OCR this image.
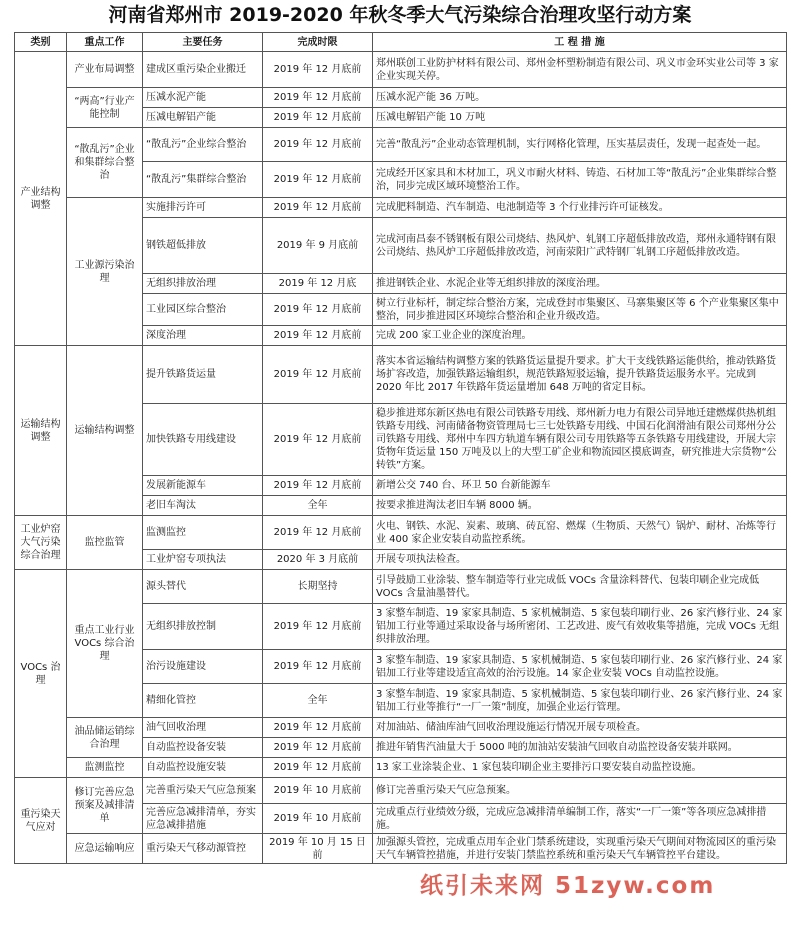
河南省郑州市 2019-2020 年秋冬季大气污染综合治理攻坚行动方案
类别	重点工作	主要任务	完成时限	工 程 措 施
产业结构调整	产业布局调整	建成区重污染企业搬迁	2019 年 12 月底前	郑州联创工业防护材料有限公司、郑州金杯塑粉制造有限公司、巩义市金环实业公司等 3 家企业实现关停。
	“两高”行业产能控制	压减水泥产能	2019 年 12 月底前	压减水泥产能 36 万吨。
		压减电解铝产能	2019 年 12 月底前	压减电解铝产能 10 万吨
	“散乱污”企业和集群综合整治	“散乱污”企业综合整治	2019 年 12 月底前	完善“散乱污”企业动态管理机制，实行网格化管理，压实基层责任，发现一起查处一起。
		“散乱污”集群综合整治	2019 年 12 月底前	完成经开区家具和木材加工，巩义市耐火材料、铸造、石材加工等“散乱污”企业集群综合整治，同步完成区域环境整治工作。
	工业源污染治理	实施排污许可	2019 年 12 月底前	完成肥料制造、汽车制造、电池制造等 3 个行业排污许可证核发。
		钢铁超低排放	2019 年 9 月底前	完成河南昌泰不锈钢板有限公司烧结、热风炉、轧钢工序超低排放改造，郑州永通特钢有限公司烧结、热风炉工序超低排放改造，河南荥阳广武特钢厂轧钢工序超低排放改造。
		无组织排放治理	2019 年 12 月底	推进钢铁企业、水泥企业等无组织排放的深度治理。
		工业园区综合整治	2019 年 12 月底前	树立行业标杆，制定综合整治方案，完成登封市集聚区、马寨集聚区等 6 个产业集聚区集中整治，同步推进园区环境综合整治和企业升级改造。
		深度治理	2019 年 12 月底前	完成 200 家工业企业的深度治理。
运输结构调整	运输结构调整	提升铁路货运量	2019 年 12 月底前	落实本省运输结构调整方案的铁路货运量提升要求。扩大干支线铁路运能供给，推动铁路货场扩容改造，加强铁路运输组织，规范铁路短驳运输，提升铁路货运服务水平。完成到 2020 年比 2017 年铁路年货运量增加 648 万吨的省定目标。
		加快铁路专用线建设	2019 年 12 月底前	稳步推进郑东新区热电有限公司铁路专用线、郑州新力电力有限公司异地迁建燃煤供热机组铁路专用线、河南储备物资管理局七三七处铁路专用线、中国石化润滑油有限公司郑州分公司铁路专用线、郑州中车四方轨道车辆有限公司专用铁路等五条铁路专用线建设，开展大宗货物年货运量 150 万吨及以上的大型工矿企业和物流园区摸底调查，研究推进大宗货物“公转铁”方案。
		发展新能源车	2019 年 12 月底前	新增公交 740 台、环卫 50 台新能源车
		老旧车淘汰	全年	按要求推进淘汰老旧车辆 8000 辆。
工业炉窑大气污染综合治理	监控监管	监测监控	2019 年 12 月底前	火电、钢铁、水泥、炭素、玻璃、砖瓦窑、燃煤（生物质、天然气）锅炉、耐材、冶炼等行业 400 家企业安装自动监控系统。
		工业炉窑专项执法	2020 年 3 月底前	开展专项执法检查。
VOCs 治理	重点工业行业 VOCs 综合治理	源头替代	长期坚持	引导鼓励工业涂装、整车制造等行业完成低 VOCs 含量涂料替代、包装印刷企业完成低 VOCs 含量油墨替代。
		无组织排放控制	2019 年 12 月底前	3 家整车制造、19 家家具制造、5 家机械制造、5 家包装印刷行业、26 家汽修行业、24 家铝加工行业等通过采取设备与场所密闭、工艺改进、废气有效收集等措施，完成 VOCs 无组织排放治理。
		治污设施建设	2019 年 12 月底前	3 家整车制造、19 家家具制造、5 家机械制造、5 家包装印刷行业、26 家汽修行业、24 家铝加工行业等建设适宜高效的治污设施。14 家企业安装 VOCs 自动监控设施。
		精细化管控	全年	3 家整车制造、19 家家具制造、5 家机械制造、5 家包装印刷行业、26 家汽修行业、24 家铝加工行业等推行“一厂一策”制度，加强企业运行管理。
	油品储运销综合治理	油气回收治理	2019 年 12 月底前	对加油站、储油库油气回收治理设施运行情况开展专项检查。
		自动监控设备安装	2019 年 12 月底前	推进年销售汽油量大于 5000 吨的加油站安装油气回收自动监控设备安装并联网。
	监测监控	自动监控设施安装	2019 年 12 月底前	13 家工业涂装企业、1 家包装印刷企业主要排污口要安装自动监控设施。
重污染天气应对	修订完善应急预案及减排清单	完善重污染天气应急预案	2019 年 10 月底前	修订完善重污染天气应急预案。
		完善应急减排清单，夯实应急减排措施	2019 年 10 月底前	完成重点行业绩效分级，完成应急减排清单编制工作，落实“一厂一策”等各项应急减排措施。
	应急运输响应	重污染天气移动源管控	2019 年 10 月 15 日前	加强源头管控，完成重点用车企业门禁系统建设，实现重污染天气期间对物流园区的重污染天气车辆管控措施，并进行安装门禁监控系统和重污染天气车辆管控平台建设。
纸引未来网 51zyw.com
